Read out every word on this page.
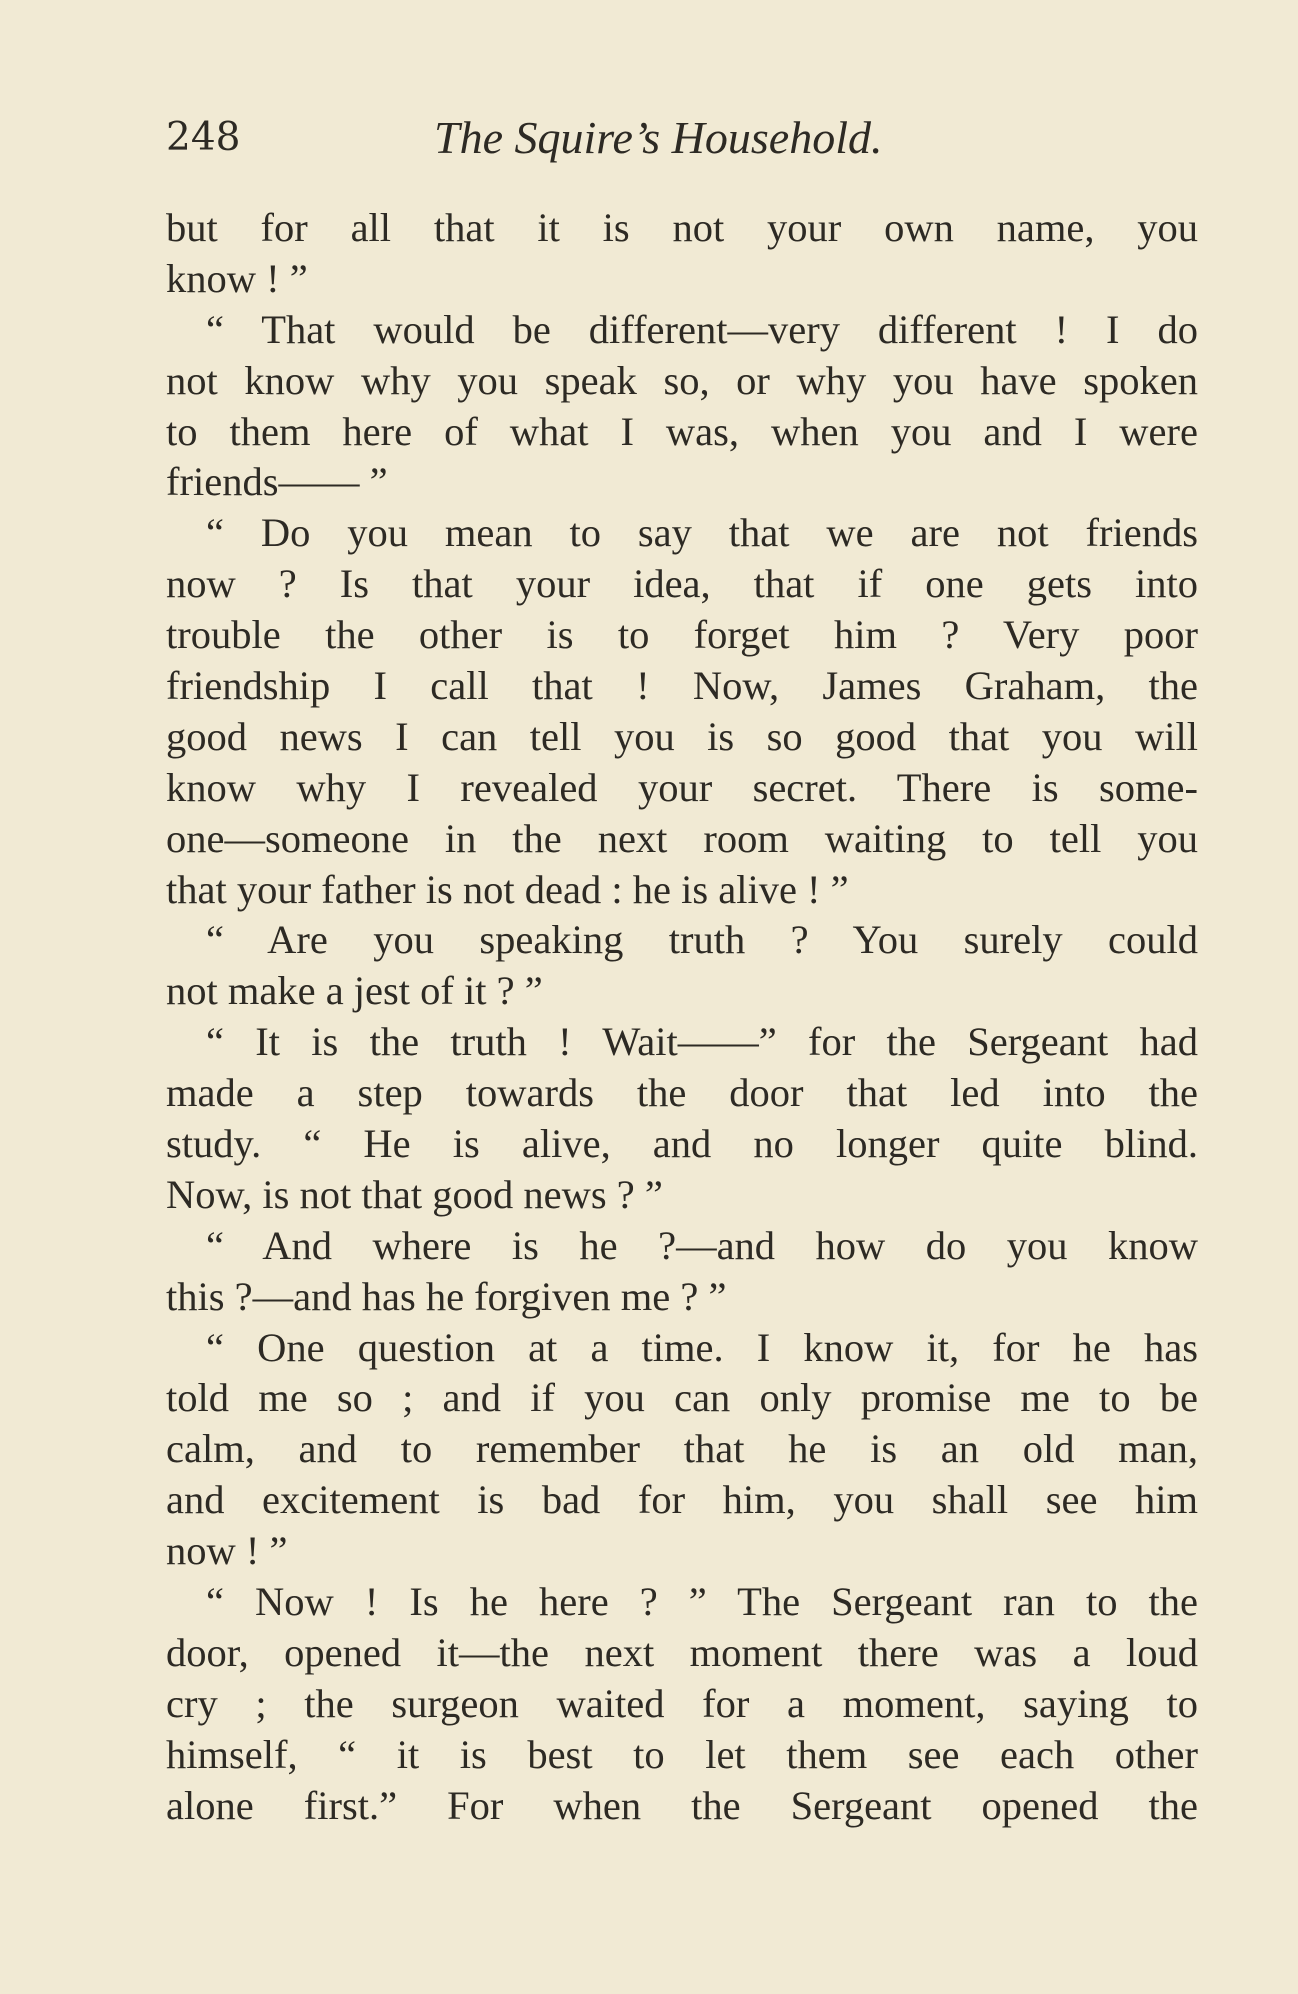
248	The Squire’s Household.
but for all that it is not your own name, you
know ! ”
“ That would be different—very different ! I do
not know why you speak so, or why you have spoken
to them here of what I was, when you and I were
friends—— ”
“ Do you mean to say that we are not friends
now ? Is that your idea, that if one gets into
trouble the other is to forget him ? Very poor
friendship I call that ! Now, James Graham, the
good news I can tell you is so good that you will
know why I revealed your secret. There is some-
one—someone in the next room waiting to tell you
that your father is not dead : he is alive ! ”
“ Are you speaking truth ? You surely could
not make a jest of it ? ”
“ It is the truth ! Wait——” for the Sergeant had
made a step towards the door that led into the
study. “ He is alive, and no longer quite blind.
Now, is not that good news ? ”
“ And where is he ?—and how do you know
this ?—and has he forgiven me ? ”
“ One question at a time. I know it, for he has
told me so ; and if you can only promise me to be
calm, and to remember that he is an old man,
and excitement is bad for him, you shall see him
now ! ”
“ Now ! Is he here ? ” The Sergeant ran to the
door, opened it—the next moment there was a loud
cry ; the surgeon waited for a moment, saying to
himself, “ it is best to let them see each other
alone first.” For when the Sergeant opened the
